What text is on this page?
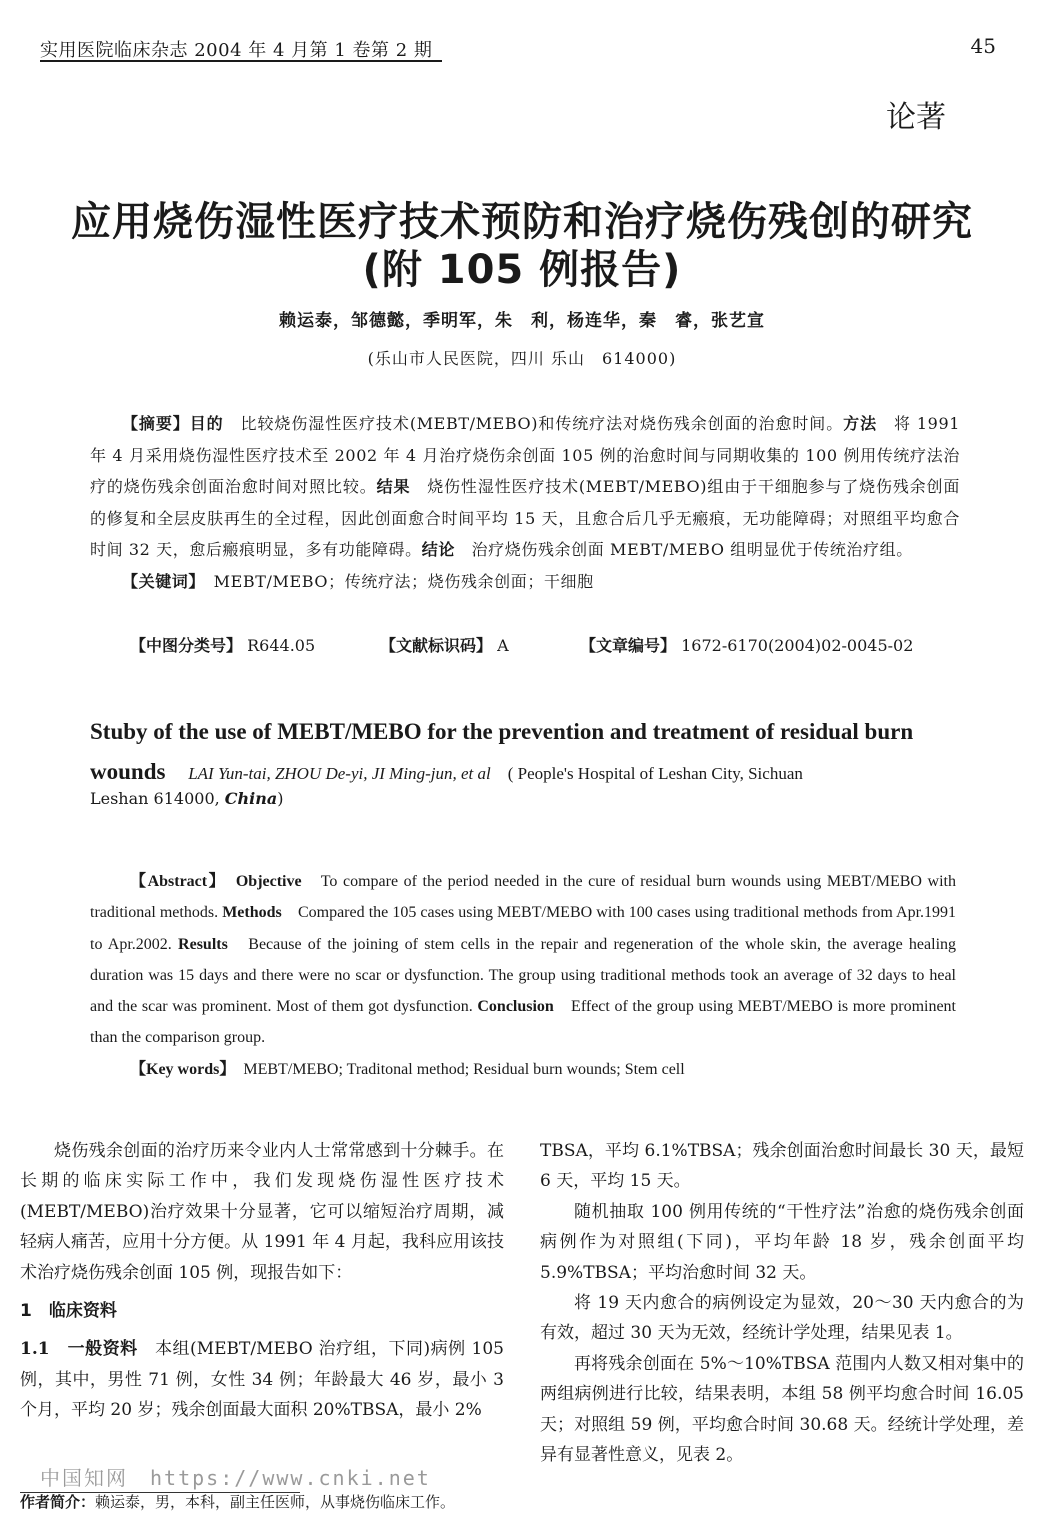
实用医院临床杂志 2004 年 4 月第 1 卷第 2 期	45
论著
应用烧伤湿性医疗技术预防和治疗烧伤残创的研究
(附 105 例报告)
赖运泰，邹德懿，季明军，朱　利，杨连华，秦　睿，张艺宣
(乐山市人民医院，四川 乐山　614000)
【摘要】目的　 比较烧伤湿性医疗技术(MEBT/MEBO)和传统疗法对烧伤残余创面的治愈时间。方法　 将 1991 年 4 月采用烧伤湿性医疗技术至 2002 年 4 月治疗烧伤余创面 105 例的治愈时间与同期收集的 100 例用传统疗法治疗的烧伤残余创面治愈时间对照比较。结果　 烧伤性湿性医疗技术(MEBT/MEBO)组由于干细胞参与了烧伤残余创面的修复和全层皮肤再生的全过程，因此创面愈合时间平均 15 天，且愈合后几乎无瘢痕，无功能障碍；对照组平均愈合时间 32 天，愈后瘢痕明显，多有功能障碍。结论　 治疗烧伤残余创面 MEBT/MEBO 组明显优于传统治疗组。
【关键词】　 MEBT/MEBO；传统疗法；烧伤残余创面；干细胞
【中图分类号】 R644.05	【文献标识码】 A	【文章编号】 1672-6170(2004)02-0045-02
Stuby of the use of MEBT/MEBO for the prevention and treatment of residual burn wounds 　 LAI Yun-tai, ZHOU De-yi, JI Ming-jun, et al　 ( People's Hospital of Leshan City, Sichuan
Leshan 614000, China)
【Abstract】　 Objective　 To compare of the period needed in the cure of residual burn wounds using MEBT/MEBO with traditional methods. Methods　 Compared the 105 cases using MEBT/MEBO with 100 cases using traditional methods from Apr.1991 to Apr.2002. Results　 Because of the joining of stem cells in the repair and regeneration of the whole skin, the average healing duration was 15 days and there were no scar or dysfunction. The group using traditional methods took an average of 32 days to heal and the scar was prominent. Most of them got dysfunction. Conclusion　 Effect of the group using MEBT/MEBO is more prominent than the comparison group.
【Key words】　 MEBT/MEBO; Traditonal method; Residual burn wounds; Stem cell

烧伤残余创面的治疗历来令业内人士常常感到十分棘手。在长期的临床实际工作中，我们发现烧伤湿性医疗技术(MEBT/MEBO)治疗效果十分显著，它可以缩短治疗周期，减轻病人痛苦，应用十分方便。从 1991 年 4 月起，我科应用该技术治疗烧伤残余创面 105 例，现报告如下：

1　临床资料

1.1　一般资料　 本组(MEBT/MEBO 治疗组，下同)病例 105 例，其中，男性 71 例，女性 34 例；年龄最大 46 岁，最小 3 个月，平均 20 岁；残余创面最大面积 20%TBSA，最小 2%

TBSA，平均 6.1%TBSA；残余创面治愈时间最长 30 天，最短 6 天，平均 15 天。

随机抽取 100 例用传统的“干性疗法”治愈的烧伤残余创面病例作为对照组(下同)，平均年龄 18 岁，残余创面平均 5.9%TBSA；平均治愈时间 32 天。

将 19 天内愈合的病例设定为显效，20～30 天内愈合的为有效，超过 30 天为无效，经统计学处理，结果见表 1。

再将残余创面在 5%～10%TBSA 范围内人数又相对集中的两组病例进行比较，结果表明，本组 58 例平均愈合时间 16.05天；对照组 59 例，平均愈合时间 30.68 天。经统计学处理，差异有显著性意义，见表 2。

中国知网　https://www.cnki.net
作者简介：赖运泰，男，本科，副主任医师，从事烧伤临床工作。
